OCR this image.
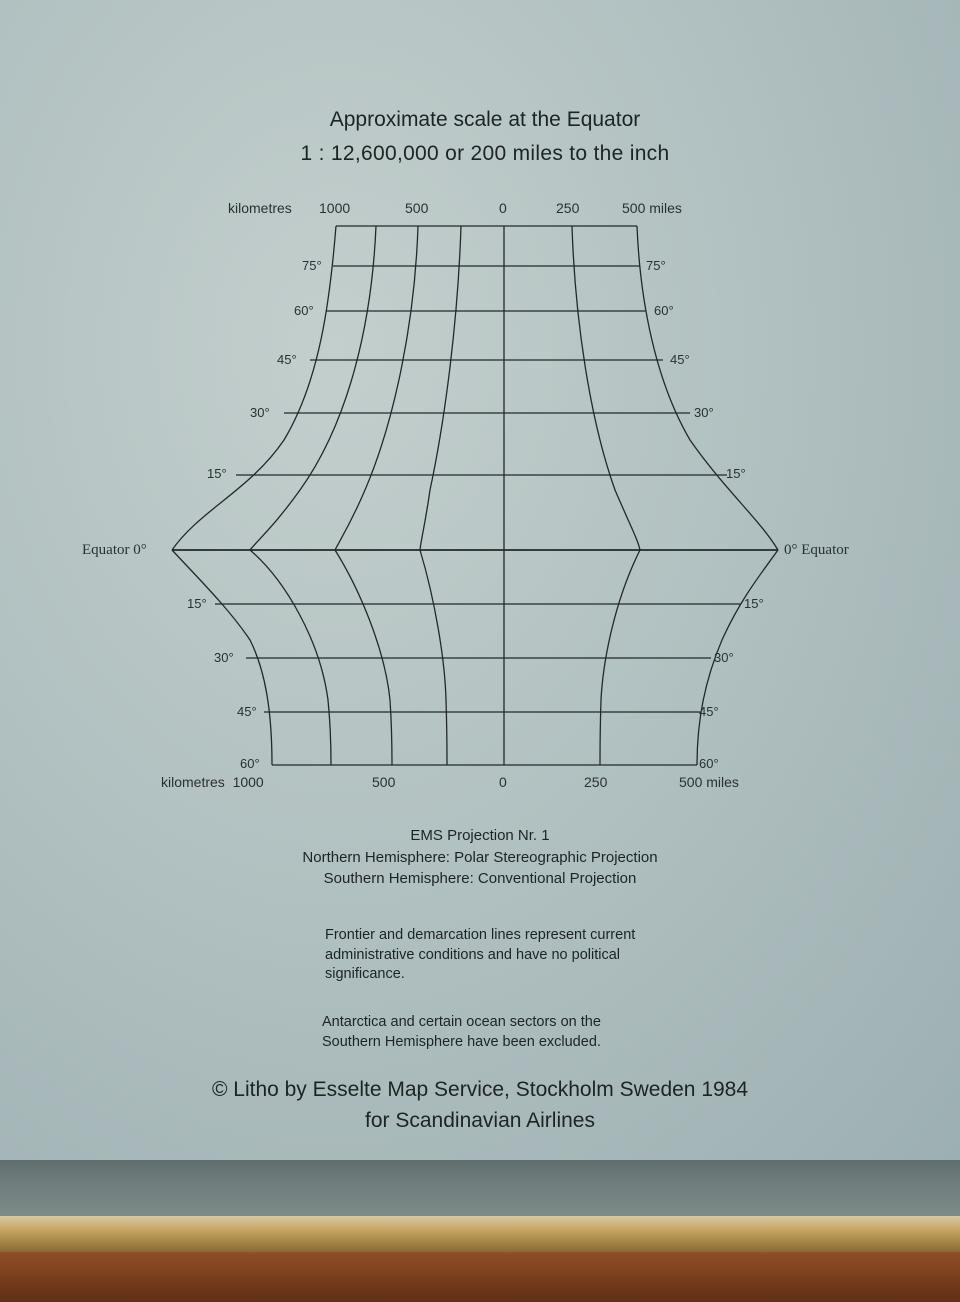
Approximate scale at the Equator
1 : 12,600,000 or 200 miles to the inch
kilometres 1000	500	0	250	500 miles
75°
60°
45°
30°
15°
75°
60°
45°
30°
15°
Equator 0°	0° Equator
15°
30°
45°
60°
15°
30°
45°
60°
kilometres  1000	500	0	250	500 miles
EMS Projection Nr. 1
Northern Hemisphere: Polar Stereographic Projection
Southern Hemisphere: Conventional Projection
Frontier and demarcation lines represent current administrative conditions and have no political significance.
Antarctica and certain ocean sectors on the Southern Hemisphere have been excluded.
© Litho by Esselte Map Service, Stockholm Sweden 1984
for Scandinavian Airlines
